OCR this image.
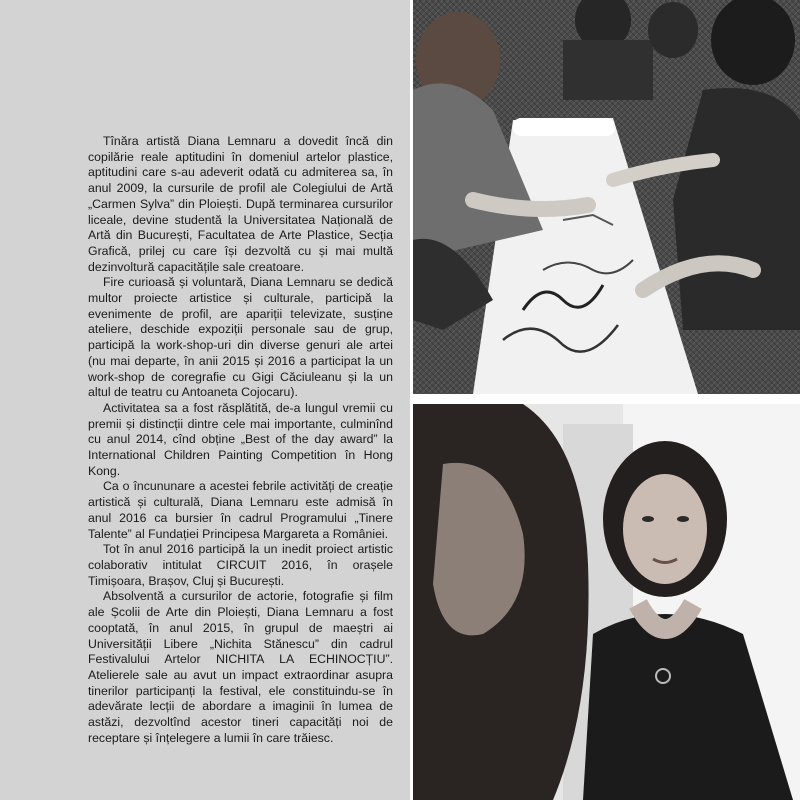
Tînăra artistă Diana Lemnaru a dovedit încă din copilărie reale aptitudini în domeniul artelor plastice, aptitudini care s-au adeverit odată cu admiterea sa, în anul 2009, la cursurile de profil ale Colegiului de Artă „Carmen Sylva” din Ploiești. După terminarea cursurilor liceale, devine studentă la Universitatea Națională de Artă din București, Facultatea de Arte Plastice, Secția Grafică, prilej cu care își dezvoltă cu și mai multă dezinvoltură capacitățile sale creatoare.

Fire curioasă și voluntară, Diana Lemnaru se dedică multor proiecte artistice și culturale, participă la evenimente de profil, are apariții televizate, susține ateliere, deschide expoziții personale sau de grup, participă la work-shop-uri din diverse genuri ale artei (nu mai departe, în anii 2015 și 2016 a participat la un work-shop de coregrafie cu Gigi Căciuleanu și la un altul de teatru cu Antoaneta Cojocaru).

Activitatea sa a fost răsplătită, de-a lungul vremii cu premii și distincții dintre cele mai importante, culminînd cu anul 2014, cînd obține „Best of the day award” la International Children Painting Competition în Hong Kong.

Ca o încununare a acestei febrile activități de creație artistică și culturală, Diana Lemnaru este admisă în anul 2016 ca bursier în cadrul Programului „Tinere Talente” al Fundației Principesa Margareta a României.

Tot în anul 2016 participă la un inedit proiect artistic colaborativ intitulat CIRCUIT 2016, în orașele Timișoara, Brașov, Cluj și București.

Absolventă a cursurilor de actorie, fotografie și film ale Școlii de Arte din Ploiești, Diana Lemnaru a fost cooptată, în anul 2015, în grupul de maeștri ai Universității Libere „Nichita Stănescu” din cadrul Festivalului Artelor NICHITA LA ECHINOCȚIU”. Atelierele sale au avut un impact extraordinar asupra tinerilor participanți la festival, ele constituindu-se în adevărate lecții de abordare a imaginii în lumea de astăzi, dezvoltînd acestor tineri capacități noi de receptare și înțelegere a lumii în care trăiesc.
